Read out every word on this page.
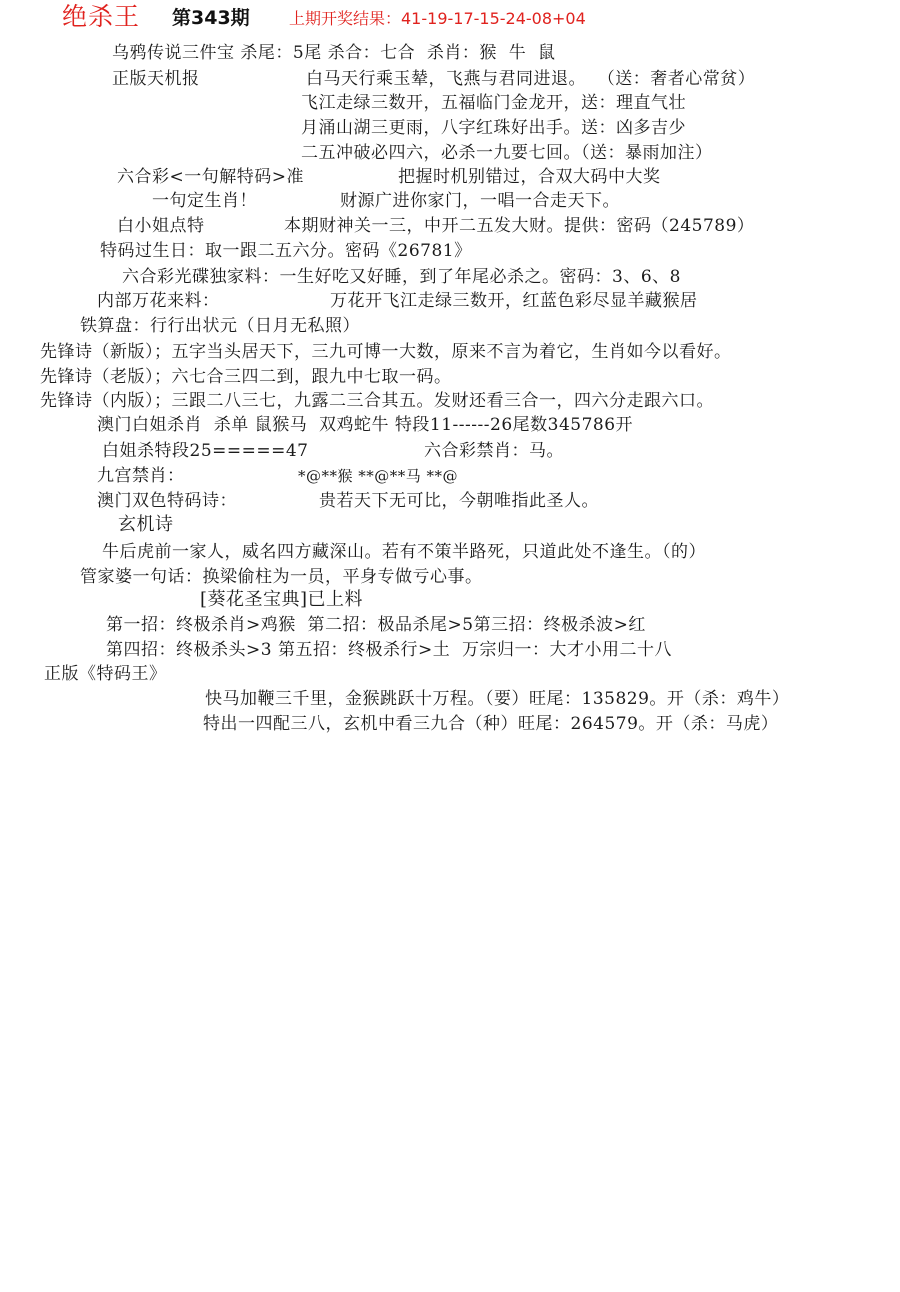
绝杀王 第343期 上期开奖结果：41-19-17-15-24-08+04
乌鸦传说三件宝 杀尾：5尾 杀合：七合  杀肖：猴  牛  鼠
正版天机报	白马天行乘玉辇，飞燕与君同进退。  （送：奢者心常贫）
飞江走绿三数开，五福临门金龙开，送：理直气壮
月涌山湖三更雨，八字红珠好出手。送：凶多吉少
二五冲破必四六，必杀一九要七回。（送：暴雨加注）
六合彩<一句解特码>准	把握时机别错过，合双大码中大奖
一句定生肖！	财源广进你家门，一唱一合走天下。
白小姐点特	本期财神关一三，中开二五发大财。提供：密码（245789）
特码过生日：取一跟二五六分。密码《26781》
六合彩光碟独家料：一生好吃又好睡，到了年尾必杀之。密码：3、6、8
内部万花来料：	万花开飞江走绿三数开，红蓝色彩尽显羊藏猴居
铁算盘：行行出状元（日月无私照）
先锋诗（新版）；五字当头居天下，三九可博一大数，原来不言为着它，生肖如今以看好。
先锋诗（老版）；六七合三四二到，跟九中七取一码。
先锋诗（内版）；三跟二八三七，九露二三合其五。发财还看三合一，四六分走跟六口。
澳门白姐杀肖  杀单 鼠猴马  双鸡蛇牛 特段11------26尾数345786开
白姐杀特段25=====47	六合彩禁肖：马。
九宫禁肖：	*@**猴 **@**马 **@
澳门双色特码诗：	贵若天下无可比，今朝唯指此圣人。
玄机诗
牛后虎前一家人，威名四方藏深山。若有不策半路死，只道此处不逢生。（的）
管家婆一句话：换梁偷柱为一员，平身专做亏心事。
[葵花圣宝典]已上料
第一招：终极杀肖>鸡猴  第二招：极品杀尾>5第三招：终极杀波>红
第四招：终极杀头>3 第五招：终极杀行>土  万宗归一：大才小用二十八
正版《特码王》
快马加鞭三千里，金猴跳跃十万程。（要）旺尾：135829。开（杀：鸡牛）
特出一四配三八，玄机中看三九合（种）旺尾：264579。开（杀：马虎）
